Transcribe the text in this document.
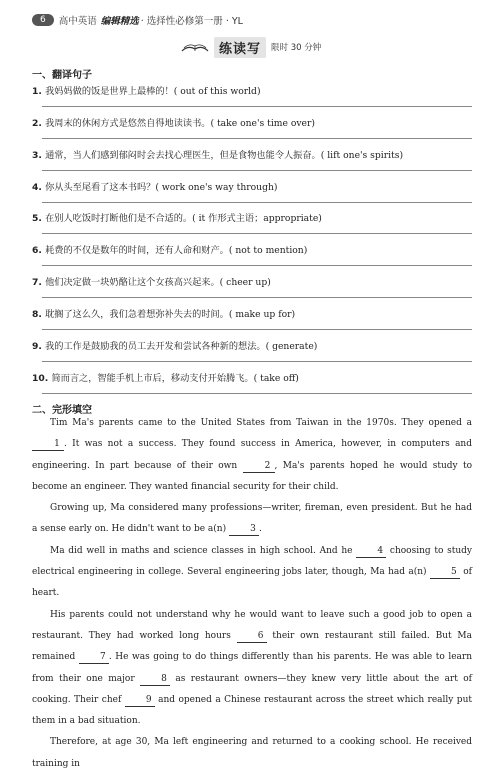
6	高中英语 编辑精选 · 选择性必修第一册 · YL
练读写	限时 30 分钟
一、翻译句子
1. 我妈妈做的饭是世界上最棒的！( out of this world)
2. 我周末的休闲方式是悠然自得地读读书。( take one's time over)
3. 通常，当人们感到郁闷时会去找心理医生，但是食物也能令人振奋。( lift one's spirits)
4. 你从头至尾看了这本书吗？( work one's way through)
5. 在别人吃饭时打断他们是不合适的。( it 作形式主语；appropriate)
6. 耗费的不仅是数年的时间，还有人命和财产。( not to mention)
7. 他们决定做一块奶酪让这个女孩高兴起来。( cheer up)
8. 耽搁了这么久，我们急着想弥补失去的时间。( make up for)
9. 我的工作是鼓励我的员工去开发和尝试各种新的想法。( generate)
10. 简而言之，智能手机上市后，移动支付开始腾飞。( take off)
二、完形填空

Tim Ma's parents came to the United States from Taiwan in the 1970s. They opened a 1 . It was not a success. They found success in America, however, in computers and engineering. In part because of their own 2 , Ma's parents hoped he would study to become an engineer. They wanted financial security for their child.

Growing up, Ma considered many professions—writer, fireman, even president. But he had a sense early on. He didn't want to be a(n) 3 .

Ma did well in maths and science classes in high school. And he 4 choosing to study electrical engineering in college. Several engineering jobs later, though, Ma had a(n) 5 of heart.

His parents could not understand why he would want to leave such a good job to open a restaurant. They had worked long hours 6 their own restaurant still failed. But Ma remained 7 . He was going to do things differently than his parents. He was able to learn from their one major 8 as restaurant owners—they knew very little about the art of cooking. Their chef 9 and opened a Chinese restaurant across the street which really put them in a bad situation.

Therefore, at age 30, Ma left engineering and returned to a cooking school. He received training in
